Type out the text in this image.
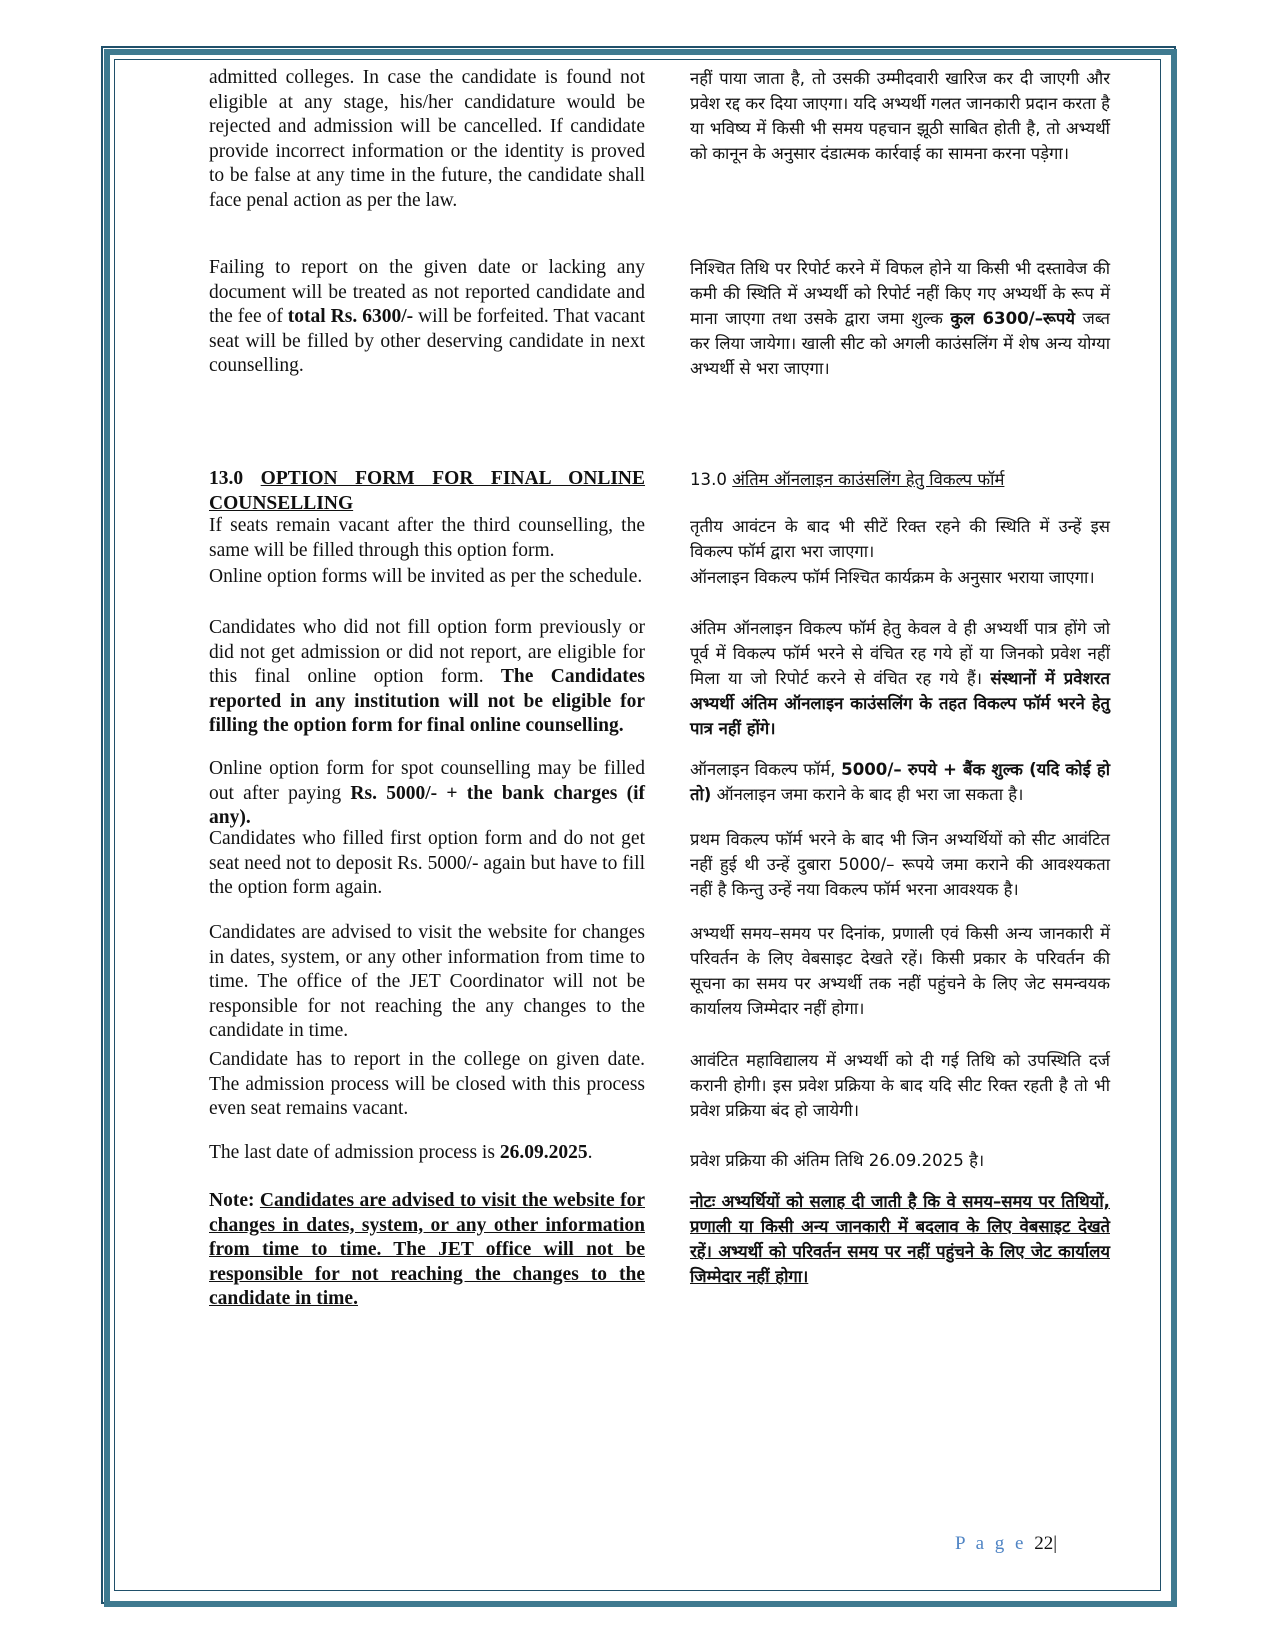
admitted colleges. In case the candidate is found not eligible at any stage, his/her candidature would be rejected and admission will be cancelled. If candidate provide incorrect information or the identity is proved to be false at any time in the future, the candidate shall face penal action as per the law.

Failing to report on the given date or lacking any document will be treated as not reported candidate and the fee of total Rs. 6300/- will be forfeited. That vacant seat will be filled by other deserving candidate in next counselling.

13.0 OPTION FORM FOR FINAL ONLINE COUNSELLING

If seats remain vacant after the third counselling, the same will be filled through this option form.

Online option forms will be invited as per the schedule.

Candidates who did not fill option form previously or did not get admission or did not report, are eligible for this final online option form. The Candidates reported in any institution will not be eligible for filling the option form for final online counselling.

Online option form for spot counselling may be filled out after paying Rs. 5000/- + the bank charges (if any).

Candidates who filled first option form and do not get seat need not to deposit Rs. 5000/- again but have to fill the option form again.

Candidates are advised to visit the website for changes in dates, system, or any other information from time to time. The office of the JET Coordinator will not be responsible for not reaching the any changes to the candidate in time.

Candidate has to report in the college on given date. The admission process will be closed with this process even seat remains vacant.

The last date of admission process is 26.09.2025.

Note: Candidates are advised to visit the website for changes in dates, system, or any other information from time to time. The JET office will not be responsible for not reaching the changes to the candidate in time.

नहीं पाया जाता है, तो उसकी उम्मीदवारी खारिज कर दी जाएगी और प्रवेश रद्द कर दिया जाएगा। यदि अभ्यर्थी गलत जानकारी प्रदान करता है या भविष्य में किसी भी समय पहचान झूठी साबित होती है, तो अभ्यर्थी को कानून के अनुसार दंडात्मक कार्रवाई का सामना करना पड़ेगा।

निश्चित तिथि पर रिपोर्ट करने में विफल होने या किसी भी दस्तावेज की कमी की स्थिति में अभ्यर्थी को रिपोर्ट नहीं किए गए अभ्यर्थी के रूप में माना जाएगा तथा उसके द्वारा जमा शुल्क कुल 6300/–रूपये जब्त कर लिया जायेगा। खाली सीट को अगली काउंसलिंग में शेष अन्य योग्या अभ्यर्थी से भरा जाएगा।

13.0 अंतिम ऑनलाइन काउंसलिंग हेतु विकल्प फॉर्म

तृतीय आवंटन के बाद भी सीटें रिक्त रहने की स्थिति में उन्हें इस विकल्प फॉर्म द्वारा भरा जाएगा।

ऑनलाइन विकल्प फॉर्म निश्चित कार्यक्रम के अनुसार भराया जाएगा।

अंतिम ऑनलाइन विकल्प फॉर्म हेतु केवल वे ही अभ्यर्थी पात्र होंगे जो पूर्व में विकल्प फॉर्म भरने से वंचित रह गये हों या जिनको प्रवेश नहीं मिला या जो रिपोर्ट करने से वंचित रह गये हैं। संस्थानों में प्रवेशरत अभ्यर्थी अंतिम ऑनलाइन काउंसलिंग के तहत विकल्प फॉर्म भरने हेतु पात्र नहीं होंगे।

ऑनलाइन विकल्प फॉर्म, 5000/– रुपये + बैंक शुल्क (यदि कोई हो तो) ऑनलाइन जमा कराने के बाद ही भरा जा सकता है।

प्रथम विकल्प फॉर्म भरने के बाद भी जिन अभ्यर्थियों को सीट आवंटित नहीं हुई थी उन्हें दुबारा 5000/– रूपये जमा कराने की आवश्यकता नहीं है किन्तु उन्हें नया विकल्प फॉर्म भरना आवश्यक है।

अभ्यर्थी समय–समय पर दिनांक, प्रणाली एवं किसी अन्य जानकारी में परिवर्तन के लिए वेबसाइट देखते रहें। किसी प्रकार के परिवर्तन की सूचना का समय पर अभ्यर्थी तक नहीं पहुंचने के लिए जेट समन्वयक कार्यालय जिम्मेदार नहीं होगा।

आवंटित महाविद्यालय में अभ्यर्थी को दी गई तिथि को उपस्थिति दर्ज करानी होगी। इस प्रवेश प्रक्रिया के बाद यदि सीट रिक्त रहती है तो भी प्रवेश प्रक्रिया बंद हो जायेगी।

प्रवेश प्रक्रिया की अंतिम तिथि 26.09.2025 है।

नोटः अभ्यर्थियों को सलाह दी जाती है कि वे समय–समय पर तिथियों, प्रणाली या किसी अन्य जानकारी में बदलाव के लिए वेबसाइट देखते रहें। अभ्यर्थी को परिवर्तन समय पर नहीं पहुंचने के लिए जेट कार्यालय जिम्मेदार नहीं होगा।

P a g e 22|
